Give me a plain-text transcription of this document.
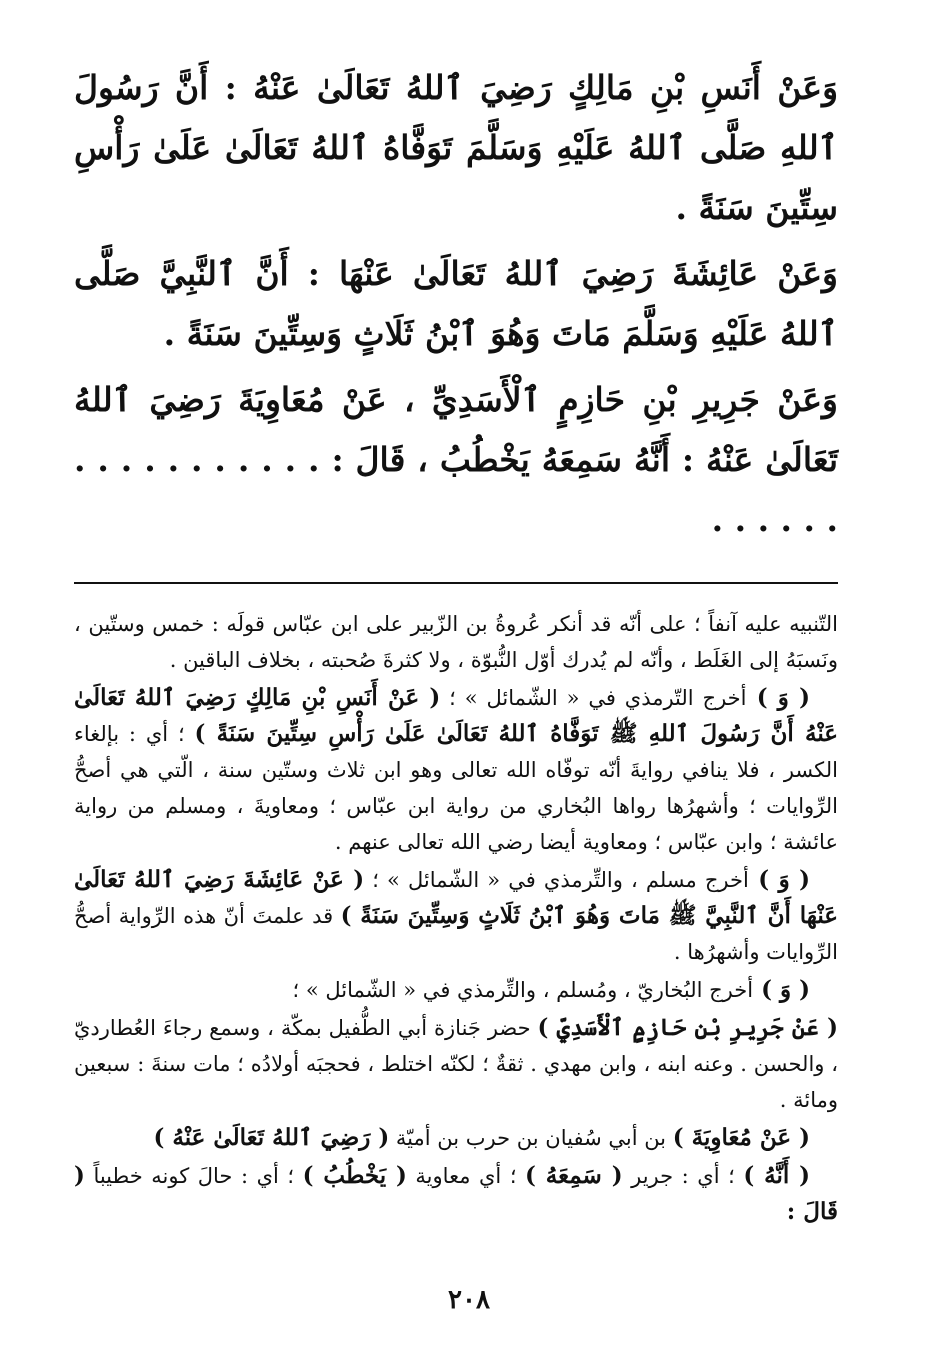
وَعَنْ أَنَسِ بْنِ مَالِكٍ رَضِيَ ٱللهُ تَعَالَىٰ عَنْهُ : أَنَّ رَسُولَ ٱللهِ صَلَّى ٱللهُ عَلَيْهِ وَسَلَّمَ تَوَفَّاهُ ٱللهُ تَعَالَىٰ عَلَىٰ رَأْسِ سِتِّينَ سَنَةً .

وَعَنْ عَائِشَةَ رَضِيَ ٱللهُ تَعَالَىٰ عَنْهَا : أَنَّ ٱلنَّبِيَّ صَلَّى ٱللهُ عَلَيْهِ وَسَلَّمَ مَاتَ وَهُوَ ٱبْنُ ثَلَاثٍ وَسِتِّينَ سَنَةً .

وَعَنْ جَرِيرِ بْنِ حَازِمٍ ٱلْأَسَدِيِّ ، عَنْ مُعَاوِيَةَ رَضِيَ ٱللهُ تَعَالَىٰ عَنْهُ : أَنَّهُ سَمِعَهُ يَخْطُبُ ، قَالَ : . . . . . . . . . . . . . . . . .

التّنبيه عليه آنفاً ؛ على أنّه قد أنكر عُروةُ بن الزّبير على ابن عبّاس قولَه : خمس وستّين ، ونَسبَهُ إلى الغَلَط ، وأنّه لم يُدرك أوّل النُّبوّة ، ولا كثرةَ صُحبته ، بخلاف الباقين .

( وَ ) أخرج التّرمذي في « الشّمائل » ؛ ( عَنْ أَنَسِ بْنِ مَالِكٍ رَضِيَ ٱللهُ تَعَالَىٰ عَنْهُ أَنَّ رَسُولَ ٱللهِ ﷺ تَوَفَّاهُ ٱللهُ تَعَالَىٰ عَلَىٰ رَأْسِ سِتِّينَ سَنَةً ) ؛ أي : بإلغاء الكسر ، فلا ينافي روايةَ أنّه توفّاه الله تعالى وهو ابن ثلاث وستّين سنة ، الّتي هي أصحُّ الرِّوايات ؛ وأشهرُها رواها البُخاري من رواية ابن عبّاس ؛ ومعاويةَ ، ومسلم من رواية عائشة ؛ وابن عبّاس ؛ ومعاوية أيضا رضي الله تعالى عنهم .

( وَ ) أخرج مسلم ، والتِّرمذي في « الشّمائل » ؛ ( عَنْ عَائِشَةَ رَضِيَ ٱللهُ تَعَالَىٰ عَنْهَا أَنَّ ٱلنَّبِيَّ ﷺ مَاتَ وَهُوَ ٱبْنُ ثَلَاثٍ وَسِتِّينَ سَنَةً ) قد علمتَ أنّ هذه الرِّواية أصحُّ الرِّوايات وأشهرُها .

( وَ ) أخرج البُخاريّ ، ومُسلم ، والتِّرمذي في « الشّمائل » ؛

( عَنْ جَرِيرِ بْنِ حَازِمٍ ٱلْأَسَدِيِّ ) حضر جَنازة أبي الطُّفيل بمكّة ، وسمع رجاءَ العُطارديّ ، والحسن . وعنه ابنه ، وابن مهدي . ثقةٌ ؛ لكنّه اختلط ، فحجبَه أولادُه ؛ مات سنةَ : سبعين ومائة .

( عَنْ مُعَاوِيَةَ ) بن أبي سُفيان بن حرب بن أميّة ( رَضِيَ ٱللهُ تَعَالَىٰ عَنْهُ )

( أَنَّهُ ) ؛ أي : جرير ( سَمِعَهُ ) ؛ أي معاوية ( يَخْطُبُ ) ؛ أي : حالَ كونه خطيباً ( قَالَ :

٢٠٨
